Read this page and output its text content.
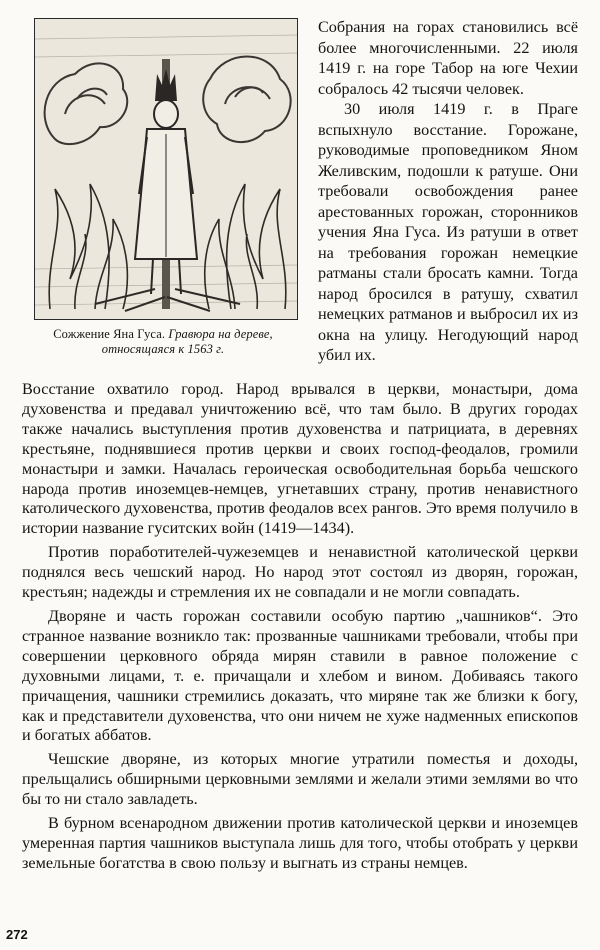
Сожжение Яна Гуса. Гравюра на дереве, относящаяся к 1563 г.

Собрания на горах становились всё более многочисленными. 22 июля 1419 г. на горе Табор на юге Чехии собралось 42 тысячи человек.

30 июля 1419 г. в Праге вспыхнуло восстание. Горожане, руководимые проповедником Яном Желивским, подошли к ратуше. Они требовали освобождения ранее арестованных горожан, сторонников учения Яна Гуса. Из ратуши в ответ на требования горожан немецкие ратманы стали бросать камни. Тогда народ бросился в ратушу, схватил немецких ратманов и выбросил их из окна на улицу. Негодующий народ убил их.

Восстание охватило город. Народ врывался в церкви, монастыри, дома духовенства и предавал уничтожению всё, что там было. В других городах также начались выступления против духовенства и патрициата, в деревнях крестьяне, поднявшиеся против церкви и своих господ-феодалов, громили монастыри и замки. Началась героическая освободительная борьба чешского народа против иноземцев-немцев, угнетавших страну, против ненавистного католического духовенства, против феодалов всех рангов. Это время получило в истории название гуситских войн (1419—1434).

Против поработителей-чужеземцев и ненавистной католической церкви поднялся весь чешский народ. Но народ этот состоял из дворян, горожан, крестьян; надежды и стремления их не совпадали и не могли совпадать.

Дворяне и часть горожан составили особую партию „чашников“. Это странное название возникло так: прозванные чашниками требовали, чтобы при совершении церковного обряда мирян ставили в равное положение с духовными лицами, т. е. причащали и хлебом и вином. Добиваясь такого причащения, чашники стремились доказать, что миряне так же близки к богу, как и представители духовенства, что они ничем не хуже надменных епископов и богатых аббатов.

Чешские дворяне, из которых многие утратили поместья и доходы, прельщались обширными церковными землями и желали этими землями во что бы то ни стало завладеть.

В бурном всенародном движении против католической церкви и иноземцев умеренная партия чашников выступала лишь для того, чтобы отобрать у церкви земельные богатства в свою пользу и выгнать из страны немцев.

272
